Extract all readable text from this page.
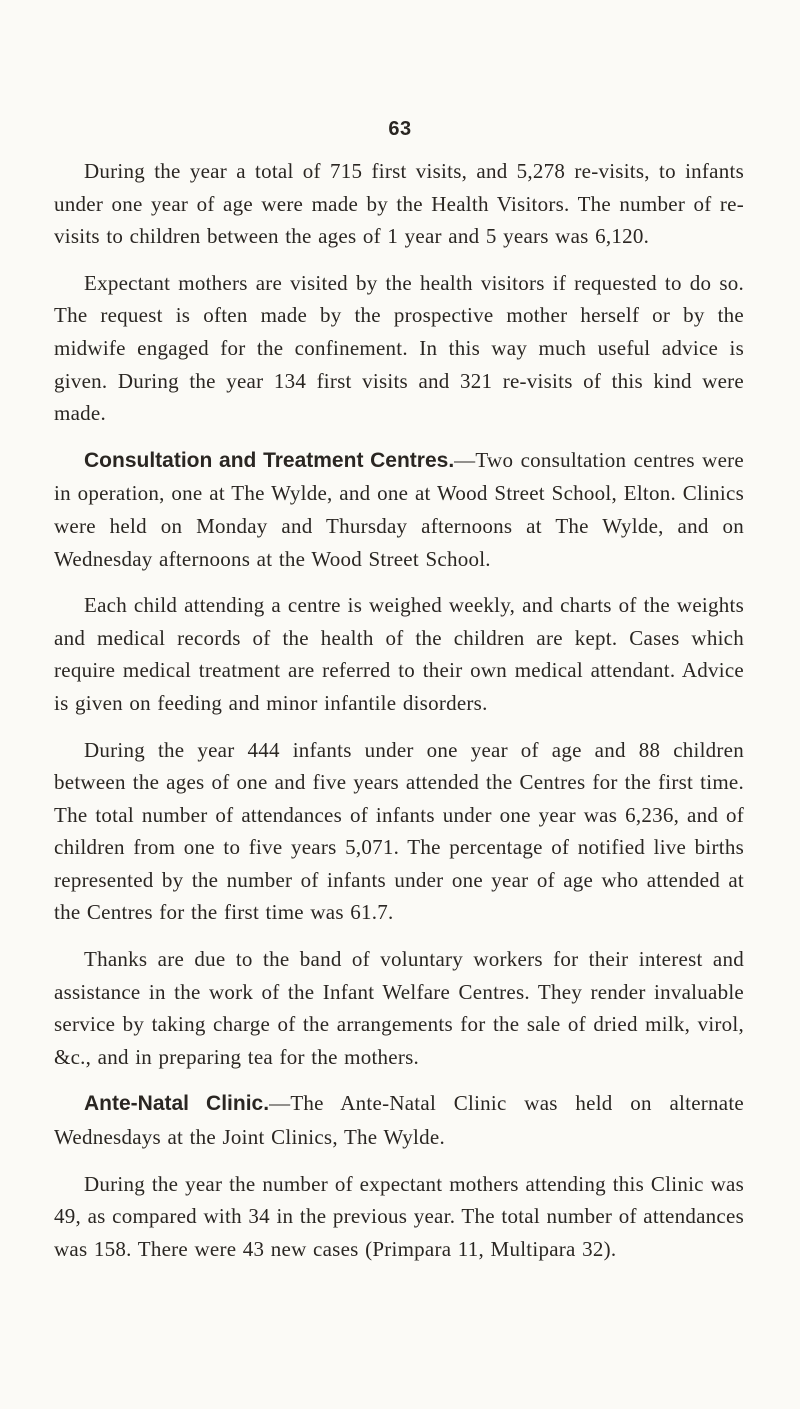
63

During the year a total of 715 first visits, and 5,278 re-visits, to infants under one year of age were made by the Health Visitors. The number of re-visits to children between the ages of 1 year and 5 years was 6,120.

Expectant mothers are visited by the health visitors if requested to do so. The request is often made by the prospective mother herself or by the midwife engaged for the confinement. In this way much useful advice is given. During the year 134 first visits and 321 re-visits of this kind were made.

Consultation and Treatment Centres.—Two consultation centres were in operation, one at The Wylde, and one at Wood Street School, Elton. Clinics were held on Monday and Thursday afternoons at The Wylde, and on Wednesday afternoons at the Wood Street School.

Each child attending a centre is weighed weekly, and charts of the weights and medical records of the health of the children are kept. Cases which require medical treatment are referred to their own medical attendant. Advice is given on feeding and minor infantile disorders.

During the year 444 infants under one year of age and 88 children between the ages of one and five years attended the Centres for the first time. The total number of attendances of infants under one year was 6,236, and of children from one to five years 5,071. The percentage of notified live births represented by the number of infants under one year of age who attended at the Centres for the first time was 61.7.

Thanks are due to the band of voluntary workers for their interest and assistance in the work of the Infant Welfare Centres. They render invaluable service by taking charge of the arrangements for the sale of dried milk, virol, &c., and in preparing tea for the mothers.

Ante-Natal Clinic.—The Ante-Natal Clinic was held on alternate Wednesdays at the Joint Clinics, The Wylde.

During the year the number of expectant mothers attending this Clinic was 49, as compared with 34 in the previous year. The total number of attendances was 158. There were 43 new cases (Primpara 11, Multipara 32).
